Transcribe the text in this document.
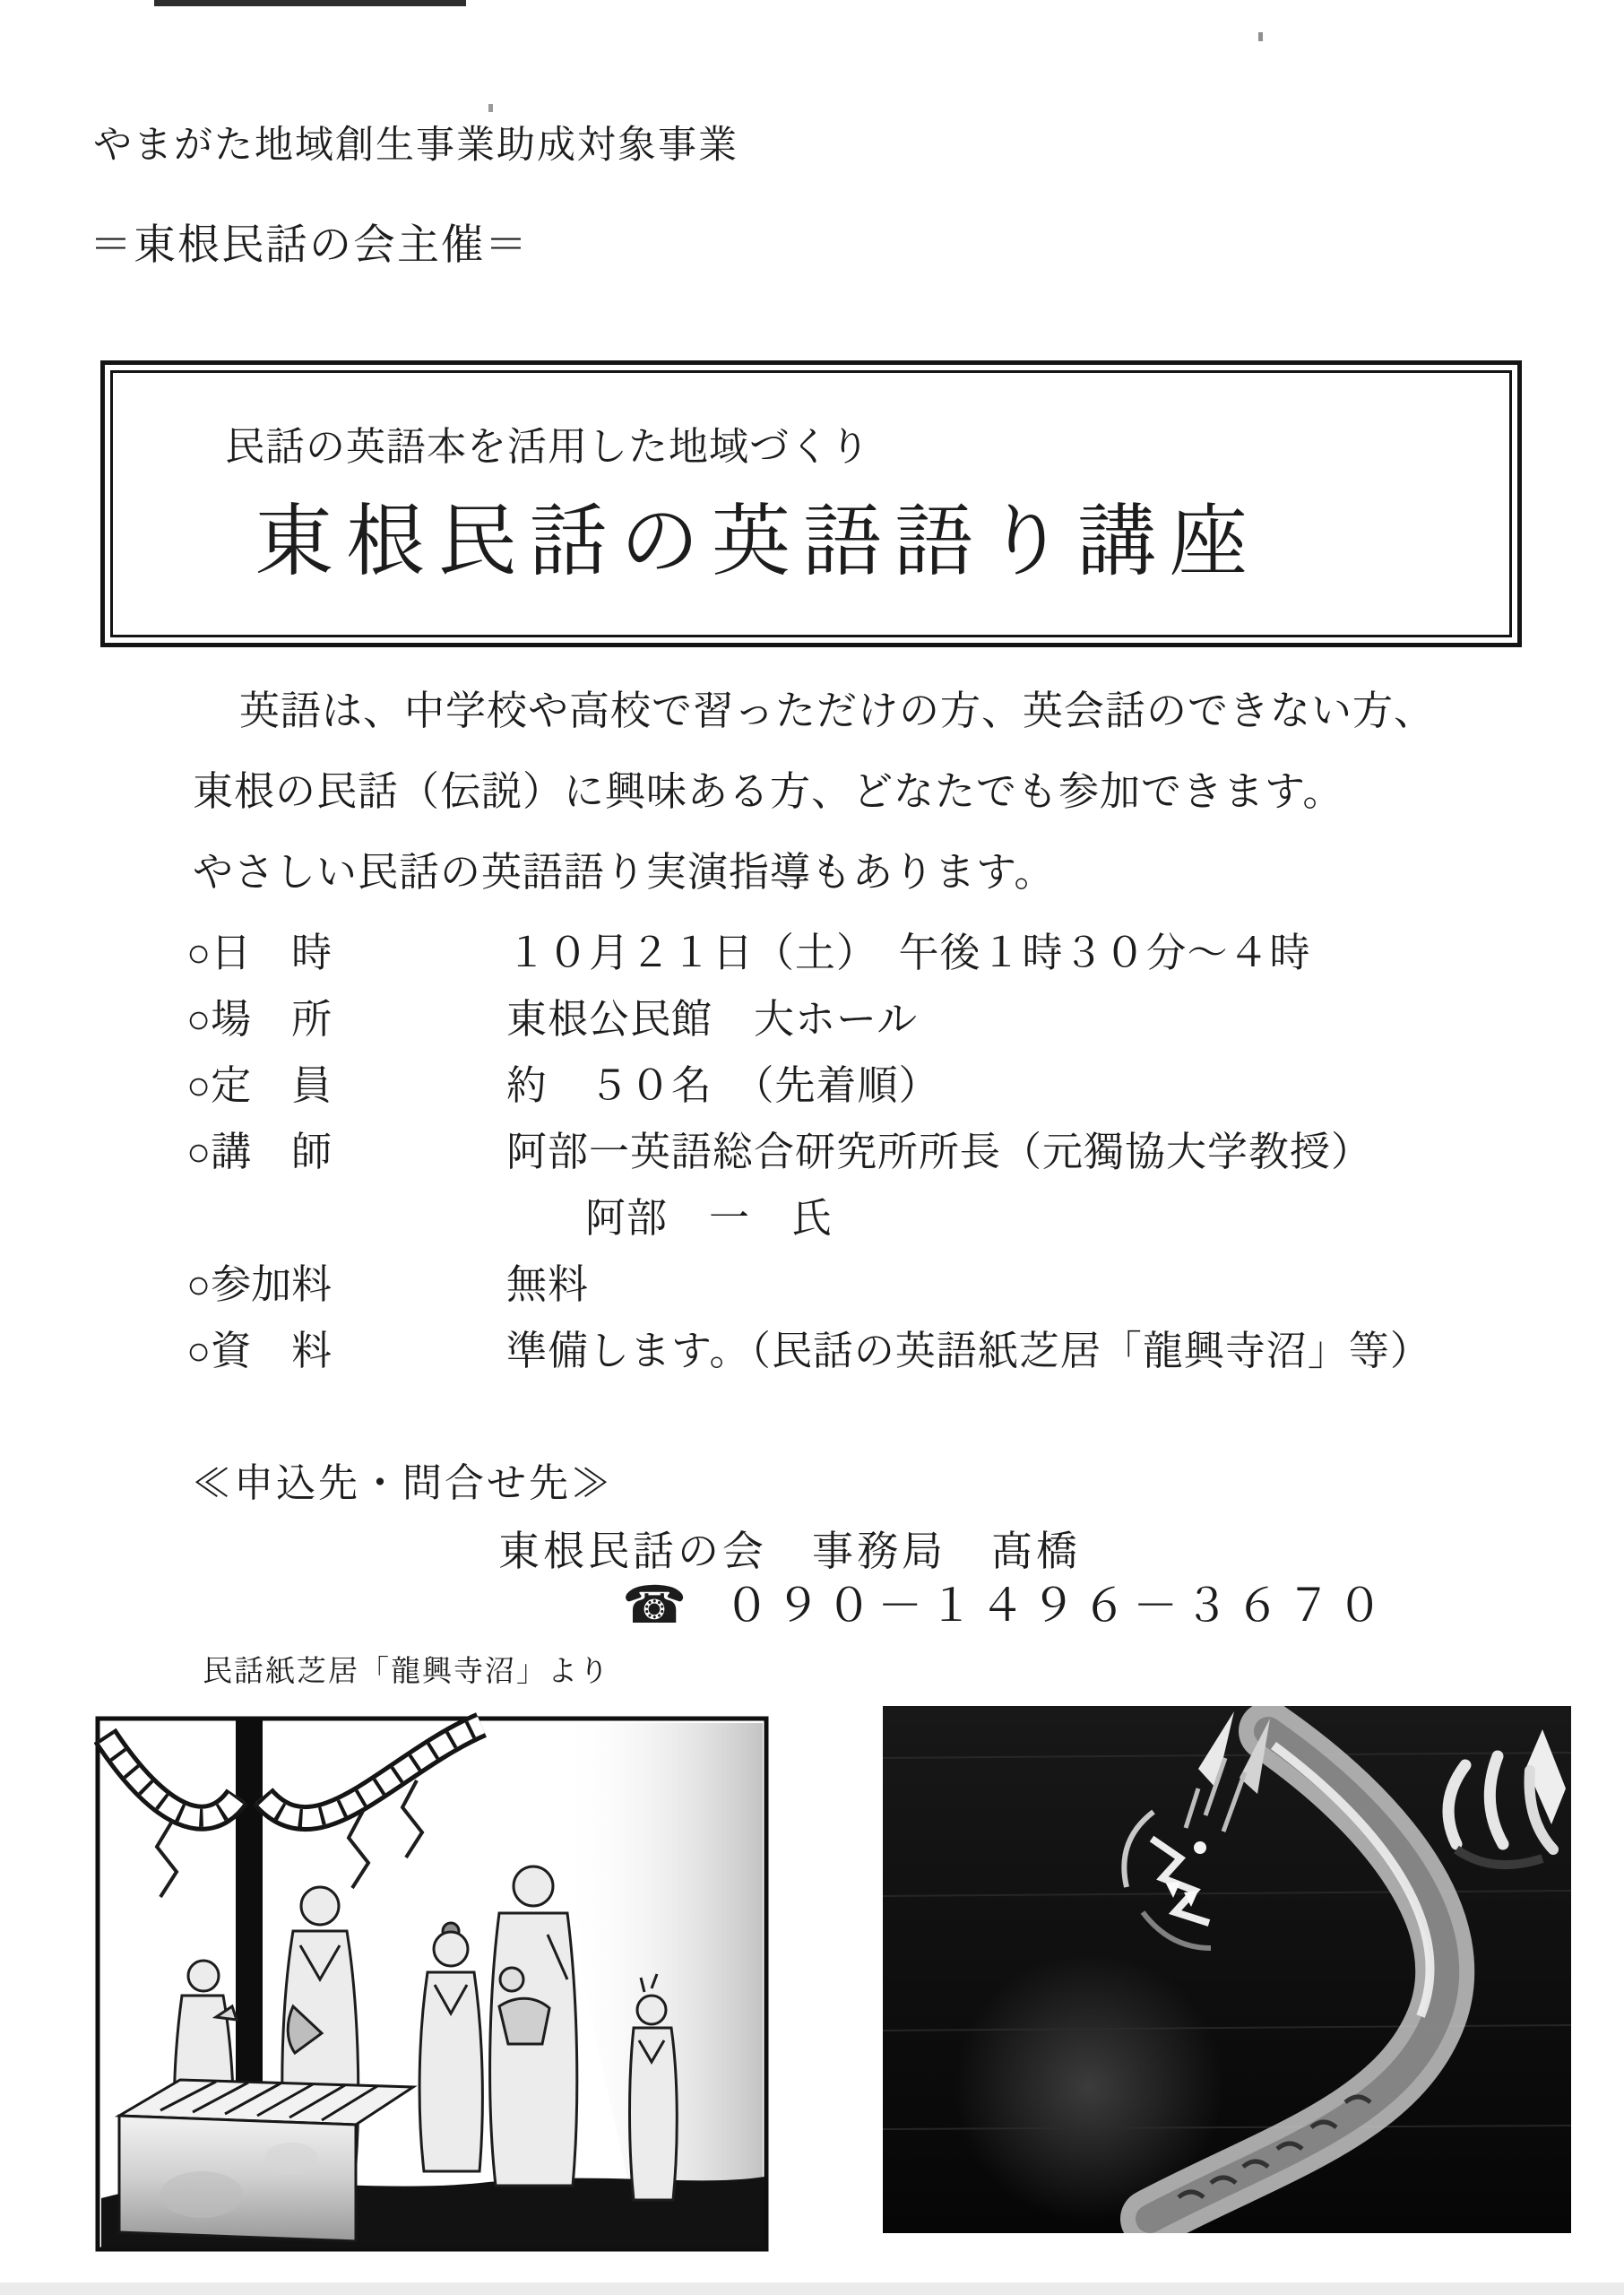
やまがた地域創生事業助成対象事業
＝東根民話の会主催＝
民話の英語本を活用した地域づくり
東根民話の英語語り講座
英語は、中学校や高校で習っただけの方、英会話のできない方、
東根の民話（伝説）に興味ある方、どなたでも参加できます。
やさしい民話の英語語り実演指導もあります。
○日　時	１０月２１日（土）　午後１時３０分～４時
○場　所	東根公民館　大ホール
○定　員	約　５０名　（先着順）
○講　師	阿部一英語総合研究所所長（元獨協大学教授）
阿部　一　氏
○参加料	無料
○資　料	準備します。（民話の英語紙芝居「龍興寺沼」等）
≪申込先・問合せ先≫
東根民話の会　事務局　髙橋
☎ ０９０－１４９６－３６７０
民話紙芝居「龍興寺沼」より
